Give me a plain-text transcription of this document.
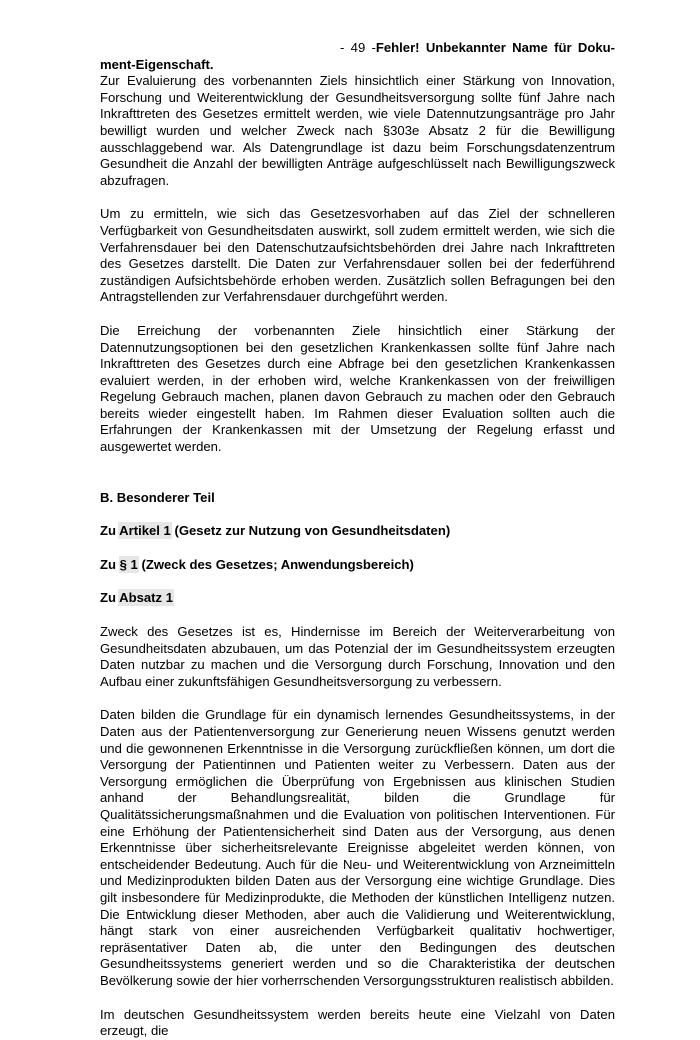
- 49 -Fehler! Unbekannter Name für Doku-
ment-Eigenschaft.

Zur Evaluierung des vorbenannten Ziels hinsichtlich einer Stärkung von Innovation, Forschung und Weiterentwicklung der Gesundheitsversorgung sollte fünf Jahre nach Inkrafttreten des Gesetzes ermittelt werden, wie viele Datennutzungsanträge pro Jahr bewilligt wurden und welcher Zweck nach §303e Absatz 2 für die Bewilligung ausschlaggebend war. Als Datengrundlage ist dazu beim Forschungsdatenzentrum Gesundheit die Anzahl der bewilligten Anträge aufgeschlüsselt nach Bewilligungszweck abzufragen.

Um zu ermitteln, wie sich das Gesetzesvorhaben auf das Ziel der schnelleren Verfügbarkeit von Gesundheitsdaten auswirkt, soll zudem ermittelt werden, wie sich die Verfahrensdauer bei den Datenschutzaufsichtsbehörden drei Jahre nach Inkrafttreten des Gesetzes darstellt. Die Daten zur Verfahrensdauer sollen bei der federführend zuständigen Aufsichtsbehörde erhoben werden. Zusätzlich sollen Befragungen bei den Antragstellenden zur Verfahrensdauer durchgeführt werden.

Die Erreichung der vorbenannten Ziele hinsichtlich einer Stärkung der Datennutzungsoptionen bei den gesetzlichen Krankenkassen sollte fünf Jahre nach Inkrafttreten des Gesetzes durch eine Abfrage bei den gesetzlichen Krankenkassen evaluiert werden, in der erhoben wird, welche Krankenkassen von der freiwilligen Regelung Gebrauch machen, planen davon Gebrauch zu machen oder den Gebrauch bereits wieder eingestellt haben. Im Rahmen dieser Evaluation sollten auch die Erfahrungen der Krankenkassen mit der Umsetzung der Regelung erfasst und ausgewertet werden.

B. Besonderer Teil
Zu Artikel 1 (Gesetz zur Nutzung von Gesundheitsdaten)
Zu § 1 (Zweck des Gesetzes; Anwendungsbereich)
Zu Absatz 1

Zweck des Gesetzes ist es, Hindernisse im Bereich der Weiterverarbeitung von Gesundheitsdaten abzubauen, um das Potenzial der im Gesundheitssystem erzeugten Daten nutzbar zu machen und die Versorgung durch Forschung, Innovation und den Aufbau einer zukunftsfähigen Gesundheitsversorgung zu verbessern.

Daten bilden die Grundlage für ein dynamisch lernendes Gesundheitssystems, in der Daten aus der Patientenversorgung zur Generierung neuen Wissens genutzt werden und die gewonnenen Erkenntnisse in die Versorgung zurückfließen können, um dort die Versorgung der Patientinnen und Patienten weiter zu Verbessern. Daten aus der Versorgung ermöglichen die Überprüfung von Ergebnissen aus klinischen Studien anhand der Behandlungsrealität, bilden die Grundlage für Qualitätssicherungsmaßnahmen und die Evaluation von politischen Interventionen. Für eine Erhöhung der Patientensicherheit sind Daten aus der Versorgung, aus denen Erkenntnisse über sicherheitsrelevante Ereignisse abgeleitet werden können, von entscheidender Bedeutung. Auch für die Neu- und Weiterentwicklung von Arzneimitteln und Medizinprodukten bilden Daten aus der Versorgung eine wichtige Grundlage. Dies gilt insbesondere für Medizinprodukte, die Methoden der künstlichen Intelligenz nutzen. Die Entwicklung dieser Methoden, aber auch die Validierung und Weiterentwicklung, hängt stark von einer ausreichenden Verfügbarkeit qualitativ hochwertiger, repräsentativer Daten ab, die unter den Bedingungen des deutschen Gesundheitssystems generiert werden und so die Charakteristika der deutschen Bevölkerung sowie der hier vorherrschenden Versorgungsstrukturen realistisch abbilden.

Im deutschen Gesundheitssystem werden bereits heute eine Vielzahl von Daten erzeugt, die
